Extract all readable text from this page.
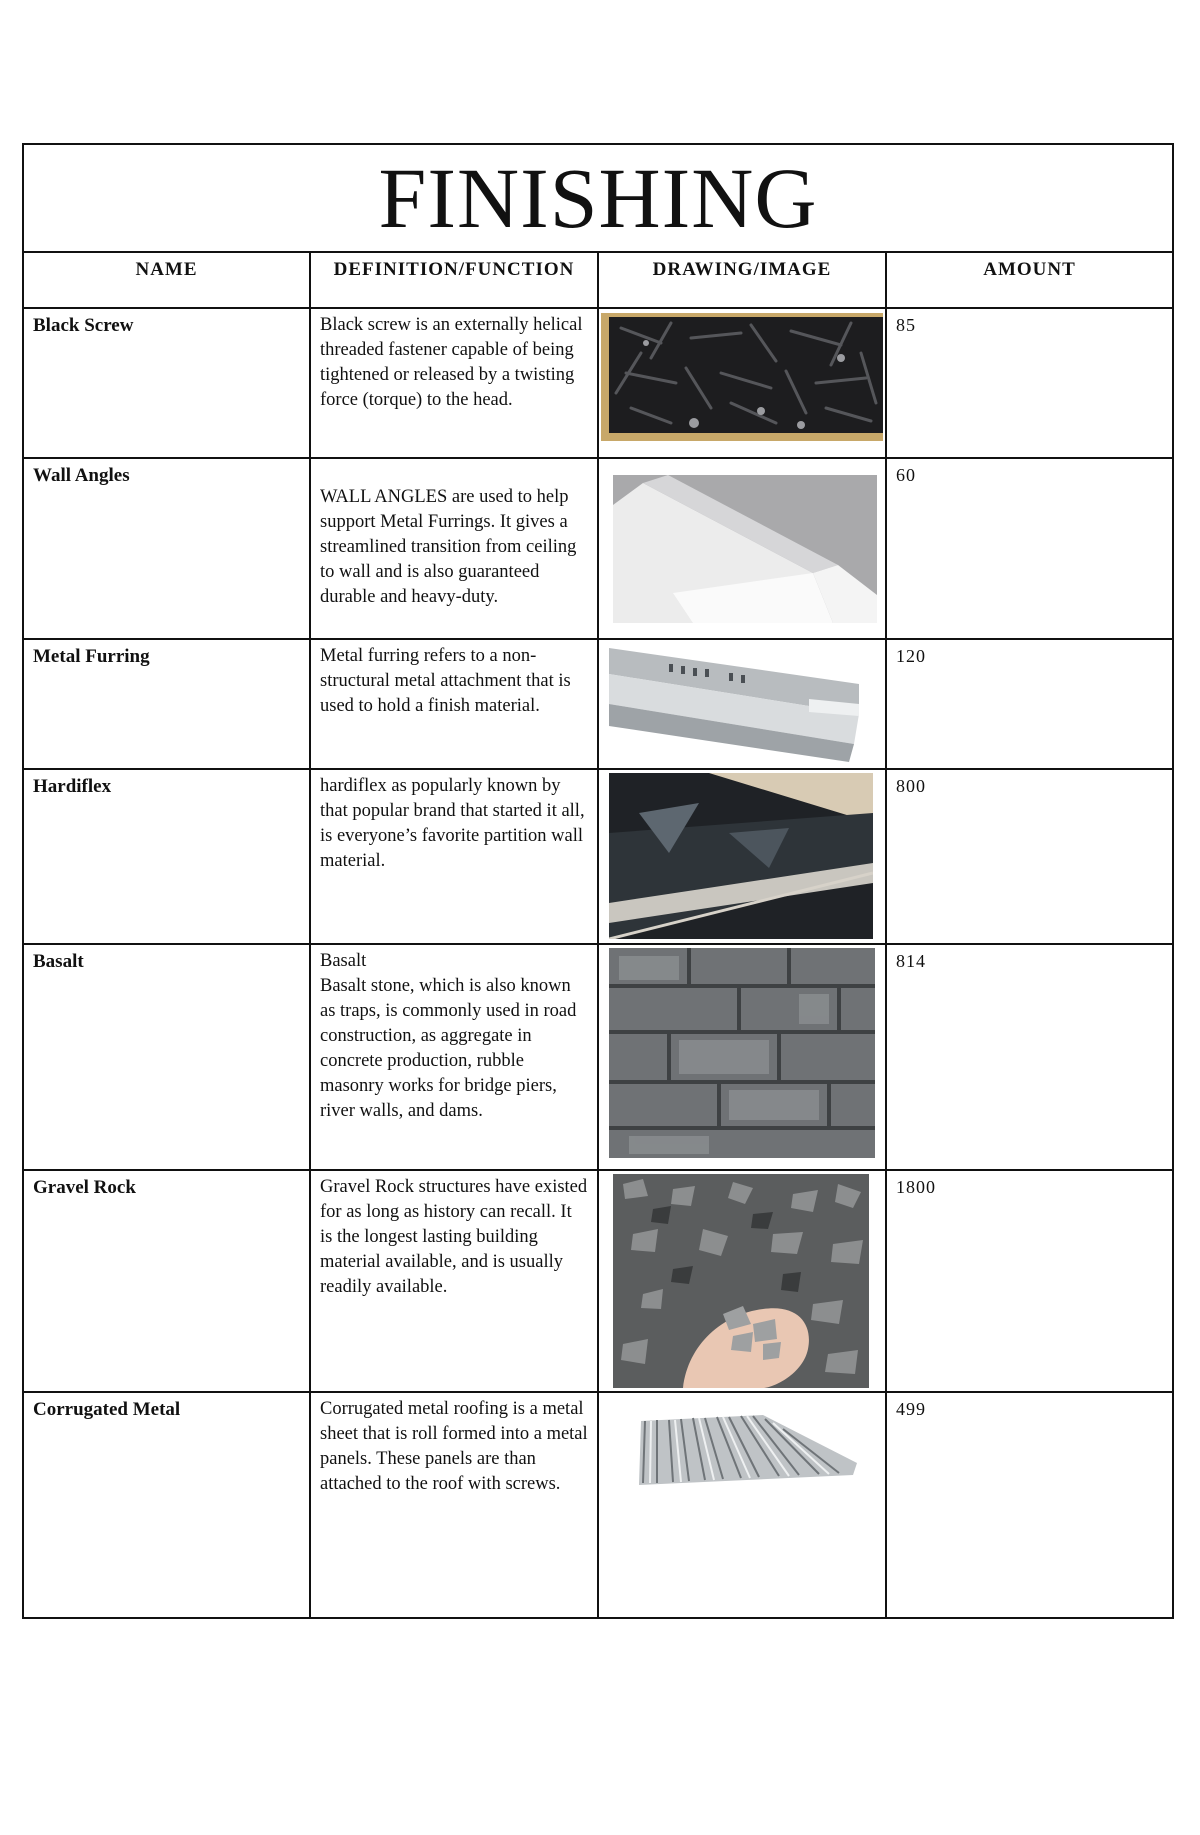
FINISHING			

NAME	DEFINITION/FUNCTION	DRAWING/IMAGE	AMOUNT
Black Screw	Black screw is an externally helical threaded fastener capable of being tightened or released by a twisting force (torque) to the head.		85
Wall Angles	WALL ANGLES are used to help support Metal Furrings. It gives a streamlined transition from ceiling to wall and is also guaranteed durable and heavy-duty.		60
Metal Furring	Metal furring refers to a non-structural metal attachment that is used to hold a finish material.		120
Hardiflex	hardiflex as popularly known by that popular brand that started it all, is everyone’s favorite partition wall material.		800
Basalt	Basalt
Basalt stone, which is also known as traps, is commonly used in road construction, as aggregate in concrete production, rubble masonry works for bridge piers, river walls, and dams.		814
Gravel Rock	Gravel Rock structures have existed for as long as history can recall. It is the longest lasting building material available, and is usually readily available.		1800
Corrugated Metal	Corrugated metal roofing is a metal sheet that is roll formed into a metal panels. These panels are than attached to the roof with screws.		499
